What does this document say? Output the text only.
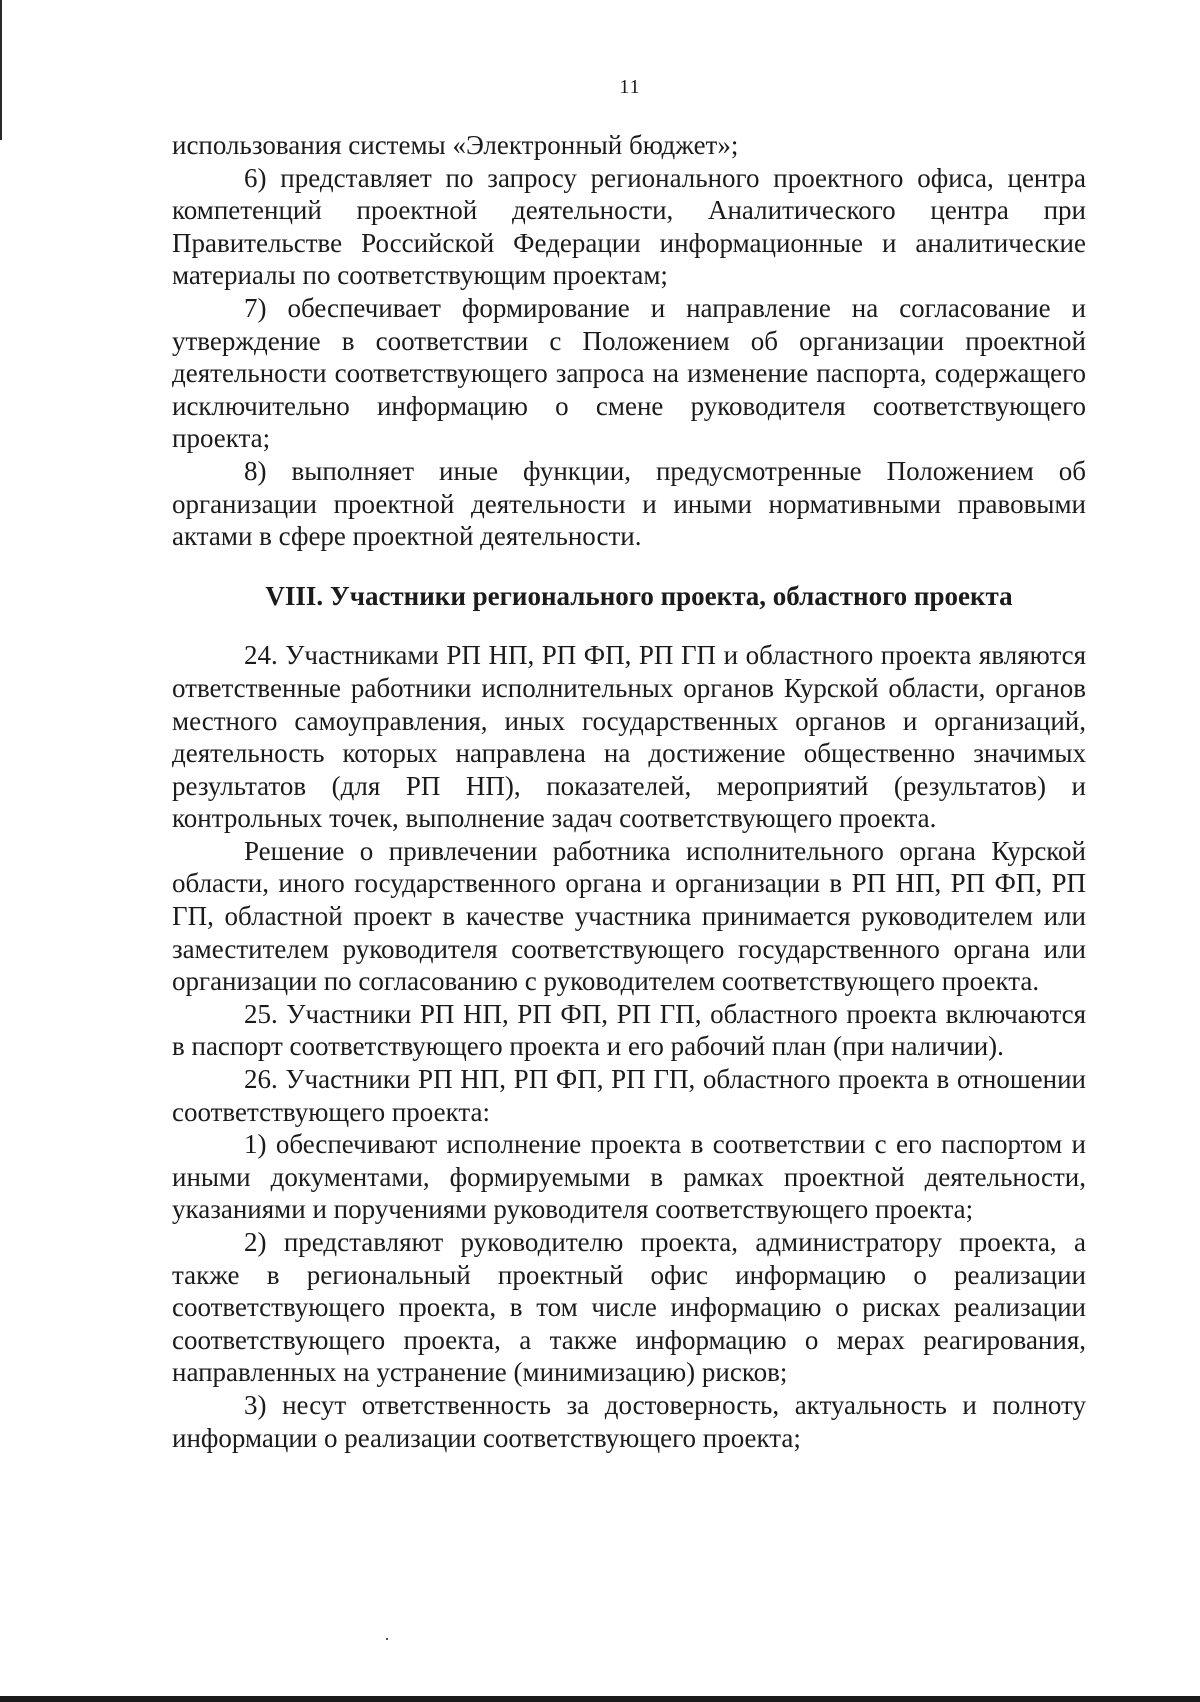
11

использования системы «Электронный бюджет»;

6) представляет по запросу регионального проектного офиса, центра компетенций проектной деятельности, Аналитического центра при Правительстве Российской Федерации информационные и аналитические материалы по соответствующим проектам;

7) обеспечивает формирование и направление на согласование и утверждение в соответствии с Положением об организации проектной деятельности соответствующего запроса на изменение паспорта, содержащего исключительно информацию о смене руководителя соответствующего проекта;

8) выполняет иные функции, предусмотренные Положением об организации проектной деятельности и иными нормативными правовыми актами в сфере проектной деятельности.

VIII. Участники регионального проекта, областного проекта

24. Участниками РП НП, РП ФП, РП ГП и областного проекта являются ответственные работники исполнительных органов Курской области, органов местного самоуправления, иных государственных органов и организаций, деятельность которых направлена на достижение общественно значимых результатов (для РП НП), показателей, мероприятий (результатов) и контрольных точек, выполнение задач соответствующего проекта.

Решение о привлечении работника исполнительного органа Курской области, иного государственного органа и организации в РП НП, РП ФП, РП ГП, областной проект в качестве участника принимается руководителем или заместителем руководителя соответствующего государственного органа или организации по согласованию с руководителем соответствующего проекта.

25. Участники РП НП, РП ФП, РП ГП, областного проекта включаются в паспорт соответствующего проекта и его рабочий план (при наличии).

26. Участники РП НП, РП ФП, РП ГП, областного проекта в отношении соответствующего проекта:

1) обеспечивают исполнение проекта в соответствии с его паспортом и иными документами, формируемыми в рамках проектной деятельности, указаниями и поручениями руководителя соответствующего проекта;

2) представляют руководителю проекта, администратору проекта, а также в региональный проектный офис информацию о реализации соответствующего проекта, в том числе информацию о рисках реализации соответствующего проекта, а также информацию о мерах реагирования, направленных на устранение (минимизацию) рисков;

3) несут ответственность за достоверность, актуальность и полноту информации о реализации соответствующего проекта;
